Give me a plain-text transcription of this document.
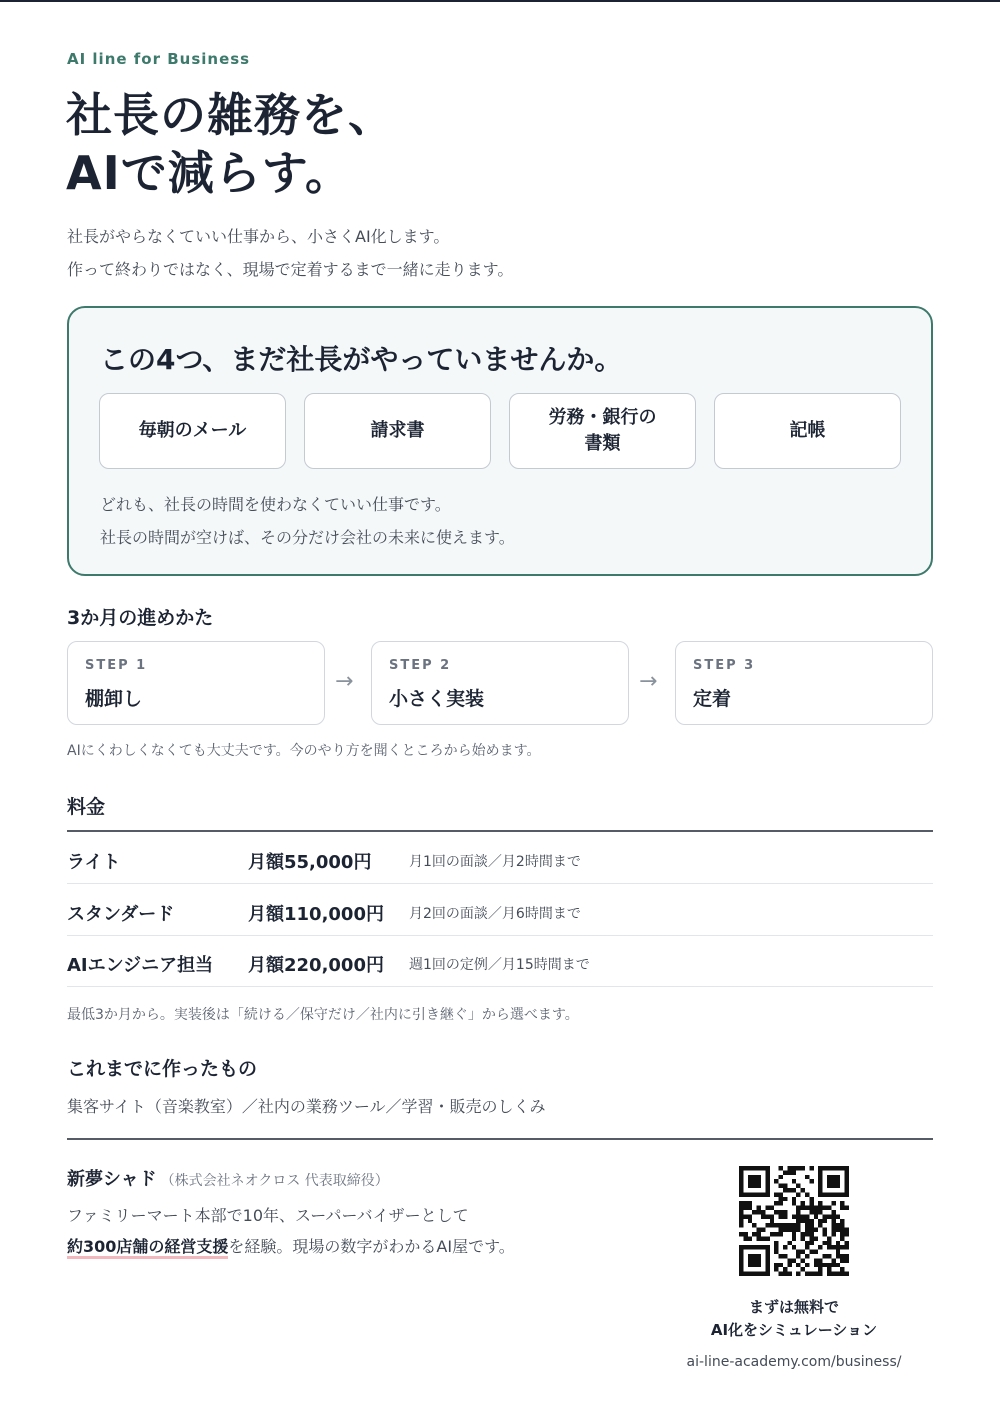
AI line for Business
社長の雑務を、
AIで減らす。
社長がやらなくていい仕事から、小さくAI化します。
作って終わりではなく、現場で定着するまで一緒に走ります。
この4つ、まだ社長がやっていませんか。
毎朝のメール	請求書
労務・銀行の
書類
記帳
どれも、社長の時間を使わなくていい仕事です。
社長の時間が空けば、その分だけ会社の未来に使えます。
3か月の進めかた
STEP 1
棚卸し
→
STEP 2
小さく実装
→
STEP 3
定着
AIにくわしくなくても大丈夫です。今のやり方を聞くところから始めます。
料金
ライト	月額55,000円	月1回の面談／月2時間まで
スタンダード	月額110,000円 月2回の面談／月6時間まで
AIエンジニア担当 月額220,000円 週1回の定例／月15時間まで
最低3か月から。実装後は「続ける／保守だけ／社内に引き継ぐ」から選べます。
これまでに作ったもの
集客サイト（音楽教室）／社内の業務ツール／学習・販売のしくみ
新夢シャド （株式会社ネオクロス 代表取締役）
ファミリーマート本部で10年、スーパーバイザーとして
約300店舗の経営支援を経験。現場の数字がわかるAI屋です。
まずは無料で
AI化をシミュレーション
ai-line-academy.com/business/
